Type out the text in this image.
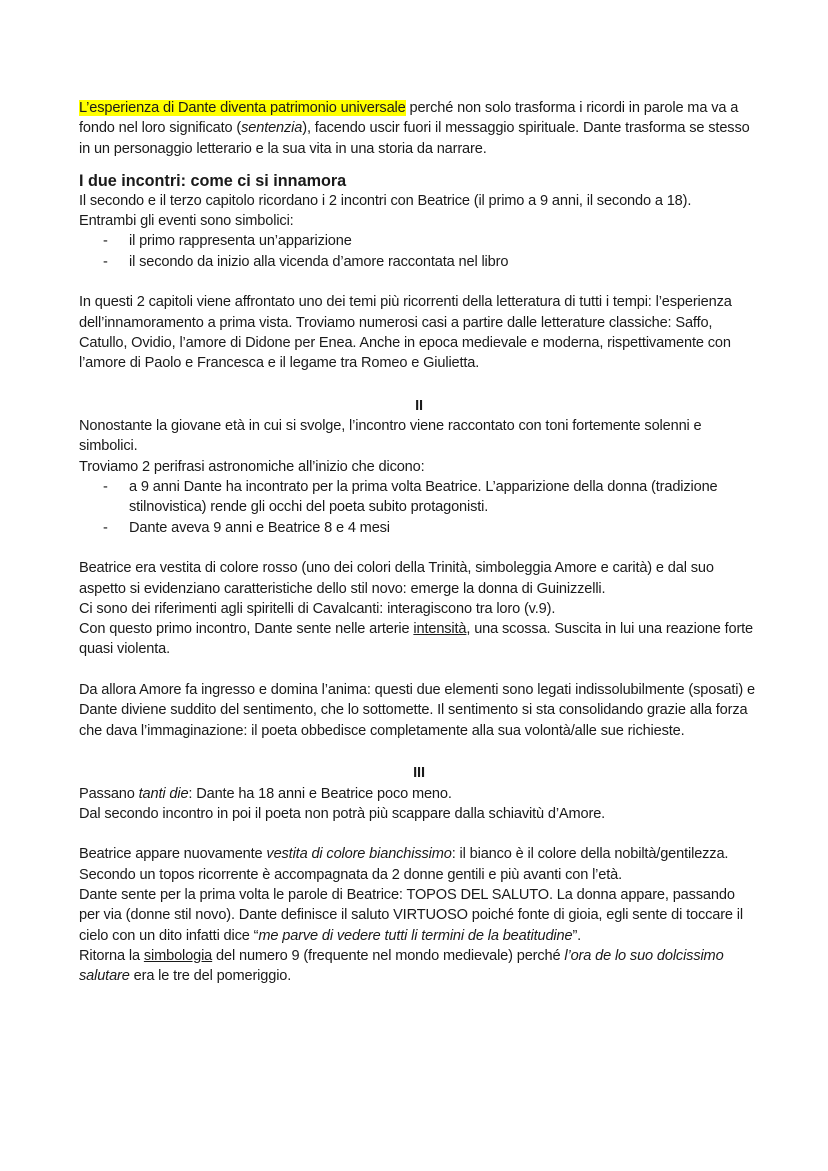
L’esperienza di Dante diventa patrimonio universale perché non solo trasforma i ricordi in parole ma va a fondo nel loro significato (sentenzia), facendo uscir fuori il messaggio spirituale. Dante trasforma se stesso in un personaggio letterario e la sua vita in una storia da narrare.

I due incontri: come ci si innamora

Il secondo e il terzo capitolo ricordano i 2 incontri con Beatrice (il primo a 9 anni, il secondo a 18).

Entrambi gli eventi sono simbolici:

- il primo rappresenta un’apparizione
- il secondo da inizio alla vicenda d’amore raccontata nel libro

In questi 2 capitoli viene affrontato uno dei temi più ricorrenti della letteratura di tutti i tempi: l’esperienza dell’innamoramento a prima vista. Troviamo numerosi casi a partire dalle letterature classiche: Saffo, Catullo, Ovidio, l’amore di Didone per Enea. Anche in epoca medievale e moderna, rispettivamente con l’amore di Paolo e Francesca e il legame tra Romeo e Giulietta.

II

Nonostante la giovane età in cui si svolge, l’incontro viene raccontato con toni fortemente solenni e simbolici.

Troviamo 2 perifrasi astronomiche all’inizio che dicono:

- a 9 anni Dante ha incontrato per la prima volta Beatrice. L’apparizione della donna (tradizione stilnovistica) rende gli occhi del poeta subito protagonisti.
- Dante aveva 9 anni e Beatrice 8 e 4 mesi

Beatrice era vestita di colore rosso (uno dei colori della Trinità, simboleggia Amore e carità) e dal suo aspetto si evidenziano caratteristiche dello stil novo: emerge la donna di Guinizzelli.

Ci sono dei riferimenti agli spiritelli di Cavalcanti: interagiscono tra loro (v.9).

Con questo primo incontro, Dante sente nelle arterie intensità, una scossa. Suscita in lui una reazione forte quasi violenta.

Da allora Amore fa ingresso e domina l’anima: questi due elementi sono legati indissolubilmente (sposati) e Dante diviene suddito del sentimento, che lo sottomette. Il sentimento si sta consolidando grazie alla forza che dava l’immaginazione: il poeta obbedisce completamente alla sua volontà/alle sue richieste.

III

Passano tanti die: Dante ha 18 anni e Beatrice poco meno.

Dal secondo incontro in poi il poeta non potrà più scappare dalla schiavitù d’Amore.

Beatrice appare nuovamente vestita di colore bianchissimo: il bianco è il colore della nobiltà/gentilezza. Secondo un topos ricorrente è accompagnata da 2 donne gentili e più avanti con l’età.

Dante sente per la prima volta le parole di Beatrice: TOPOS DEL SALUTO. La donna appare, passando per via (donne stil novo). Dante definisce il saluto VIRTUOSO poiché fonte di gioia, egli sente di toccare il cielo con un dito infatti dice “me parve di vedere tutti li termini de la beatitudine”.

Ritorna la simbologia del numero 9 (frequente nel mondo medievale) perché l’ora de lo suo dolcissimo salutare era le tre del pomeriggio.
